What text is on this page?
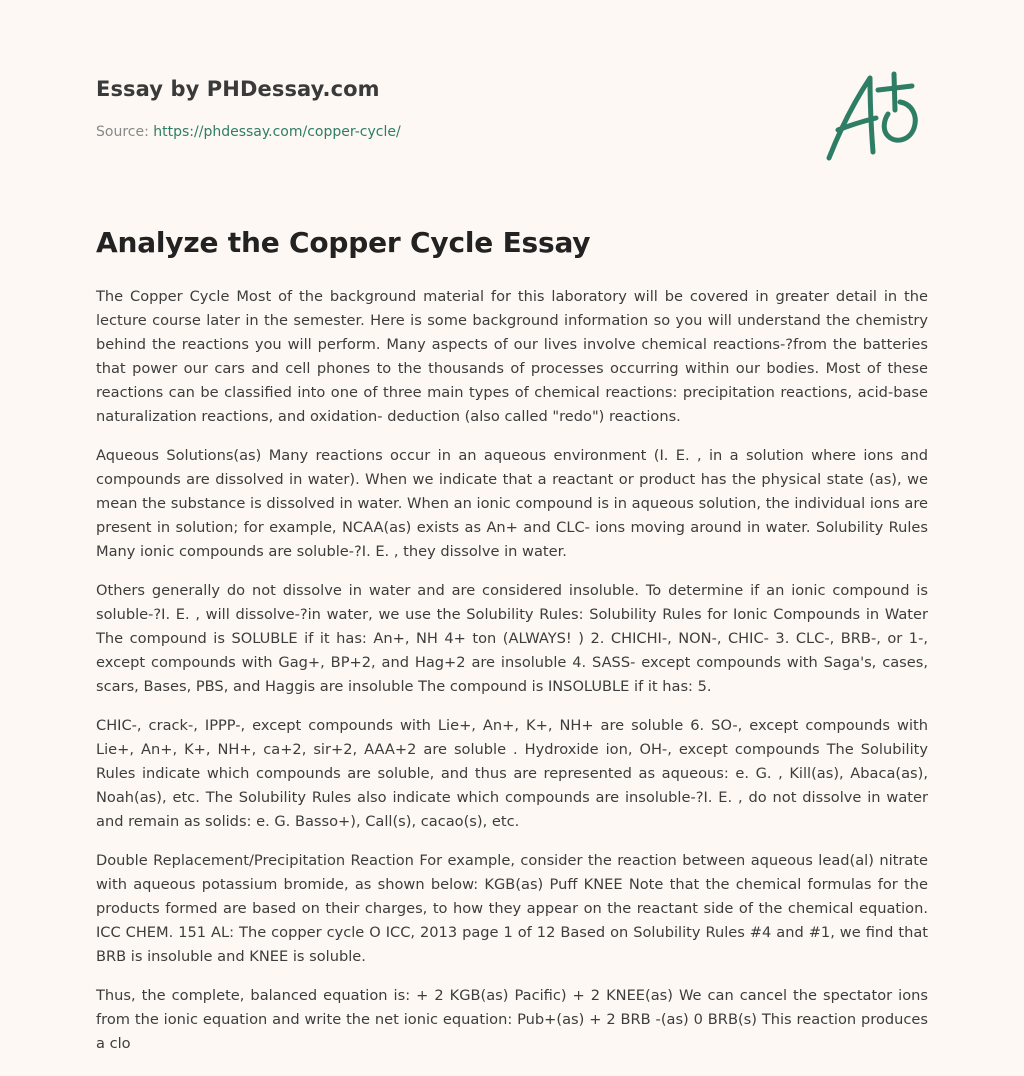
Essay by PHDessay.com
Source: https://phdessay.com/copper-cycle/
Analyze the Copper Cycle Essay

The Copper Cycle Most of the background material for this laboratory will be covered in greater detail in the lecture course later in the semester. Here is some background information so you will understand the chemistry behind the reactions you will perform. Many aspects of our lives involve chemical reactions-?from the batteries that power our cars and cell phones to the thousands of processes occurring within our bodies. Most of these reactions can be classified into one of three main types of chemical reactions: precipitation reactions, acid-base naturalization reactions, and oxidation- deduction (also called "redo") reactions.

Aqueous Solutions(as) Many reactions occur in an aqueous environment (I. E. , in a solution where ions and compounds are dissolved in water). When we indicate that a reactant or product has the physical state (as), we mean the substance is dissolved in water. When an ionic compound is in aqueous solution, the individual ions are present in solution; for example, NCAA(as) exists as An+ and CLC- ions moving around in water. Solubility Rules Many ionic compounds are soluble-?I. E. , they dissolve in water.

Others generally do not dissolve in water and are considered insoluble. To determine if an ionic compound is soluble-?I. E. , will dissolve-?in water, we use the Solubility Rules: Solubility Rules for Ionic Compounds in Water The compound is SOLUBLE if it has: An+, NH 4+ ton (ALWAYS! ) 2. CHICHI-, NON-, CHIC- 3. CLC-, BRB-, or 1-, except compounds with Gag+, BP+2, and Hag+2 are insoluble 4. SASS- except compounds with Saga's, cases, scars, Bases, PBS, and Haggis are insoluble The compound is INSOLUBLE if it has: 5.

CHIC-, crack-, IPPP-, except compounds with Lie+, An+, K+, NH+ are soluble 6. SO-, except compounds with Lie+, An+, K+, NH+, ca+2, sir+2, AAA+2 are soluble . Hydroxide ion, OH-, except compounds The Solubility Rules indicate which compounds are soluble, and thus are represented as aqueous: e. G. , Kill(as), Abaca(as), Noah(as), etc. The Solubility Rules also indicate which compounds are insoluble-?I. E. , do not dissolve in water and remain as solids: e. G. Basso+), Call(s), cacao(s), etc.

Double Replacement/Precipitation Reaction For example, consider the reaction between aqueous lead(al) nitrate with aqueous potassium bromide, as shown below: KGB(as) Puff KNEE Note that the chemical formulas for the products formed are based on their charges, to how they appear on the reactant side of the chemical equation. ICC CHEM. 151 AL: The copper cycle O ICC, 2013 page 1 of 12 Based on Solubility Rules #4 and #1, we find that BRB is insoluble and KNEE is soluble.

Thus, the complete, balanced equation is: + 2 KGB(as) Pacific) + 2 KNEE(as) We can cancel the spectator ions from the ionic equation and write the net ionic equation: Pub+(as) + 2 BRB -(as) 0 BRB(s) This reaction produces a clo
